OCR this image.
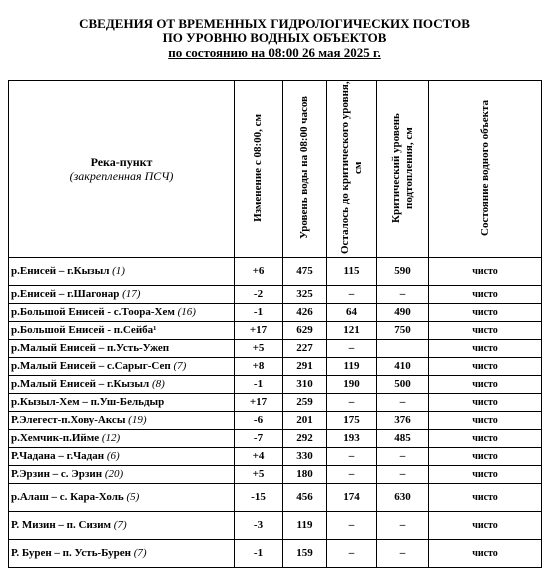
СВЕДЕНИЯ ОТ ВРЕМЕННЫХ ГИДРОЛОГИЧЕСКИХ ПОСТОВ
ПО УРОВНЮ ВОДНЫХ ОБЪЕКТОВ
по состоянию на 08:00 26 мая 2025 г.
Река-пункт
(закрепленная ПСЧ)	Изменение с 08:00, см	Уровень воды на 08:00 часов	Осталось до критического уровня, см	Критический уровень подтопления, см	Состояние водного объекта
р.Енисей – г.Кызыл (1)	+6	475	115	590	чисто
р.Енисей – г.Шагонар (17)	-2	325	–	–	чисто
р.Большой Енисей - с.Тоора-Хем (16)	-1	426	64	490	чисто
р.Большой Енисей - п.Сейба¹	+17	629	121	750	чисто
р.Малый Енисей – п.Усть-Ужеп	+5	227	–		чисто
р.Малый Енисей – с.Сарыг-Сеп (7)	+8	291	119	410	чисто
р.Малый Енисей – г.Кызыл (8)	-1	310	190	500	чисто
р.Кызыл-Хем – п.Уш-Бельдыр	+17	259	–	–	чисто
Р.Элегест-п.Хову-Аксы (19)	-6	201	175	376	чисто
р.Хемчик-п.Ийме (12)	-7	292	193	485	чисто
Р.Чадана – г.Чадан (6)	+4	330	–	–	чисто
Р.Эрзин – с. Эрзин (20)	+5	180	–	–	чисто
р.Алаш – с. Кара-Холь (5)	-15	456	174	630	чисто
Р. Мизин – п. Сизим (7)	-3	119	–	–	чисто
Р. Бурен – п. Усть-Бурен (7)	-1	159	–	–	чисто
